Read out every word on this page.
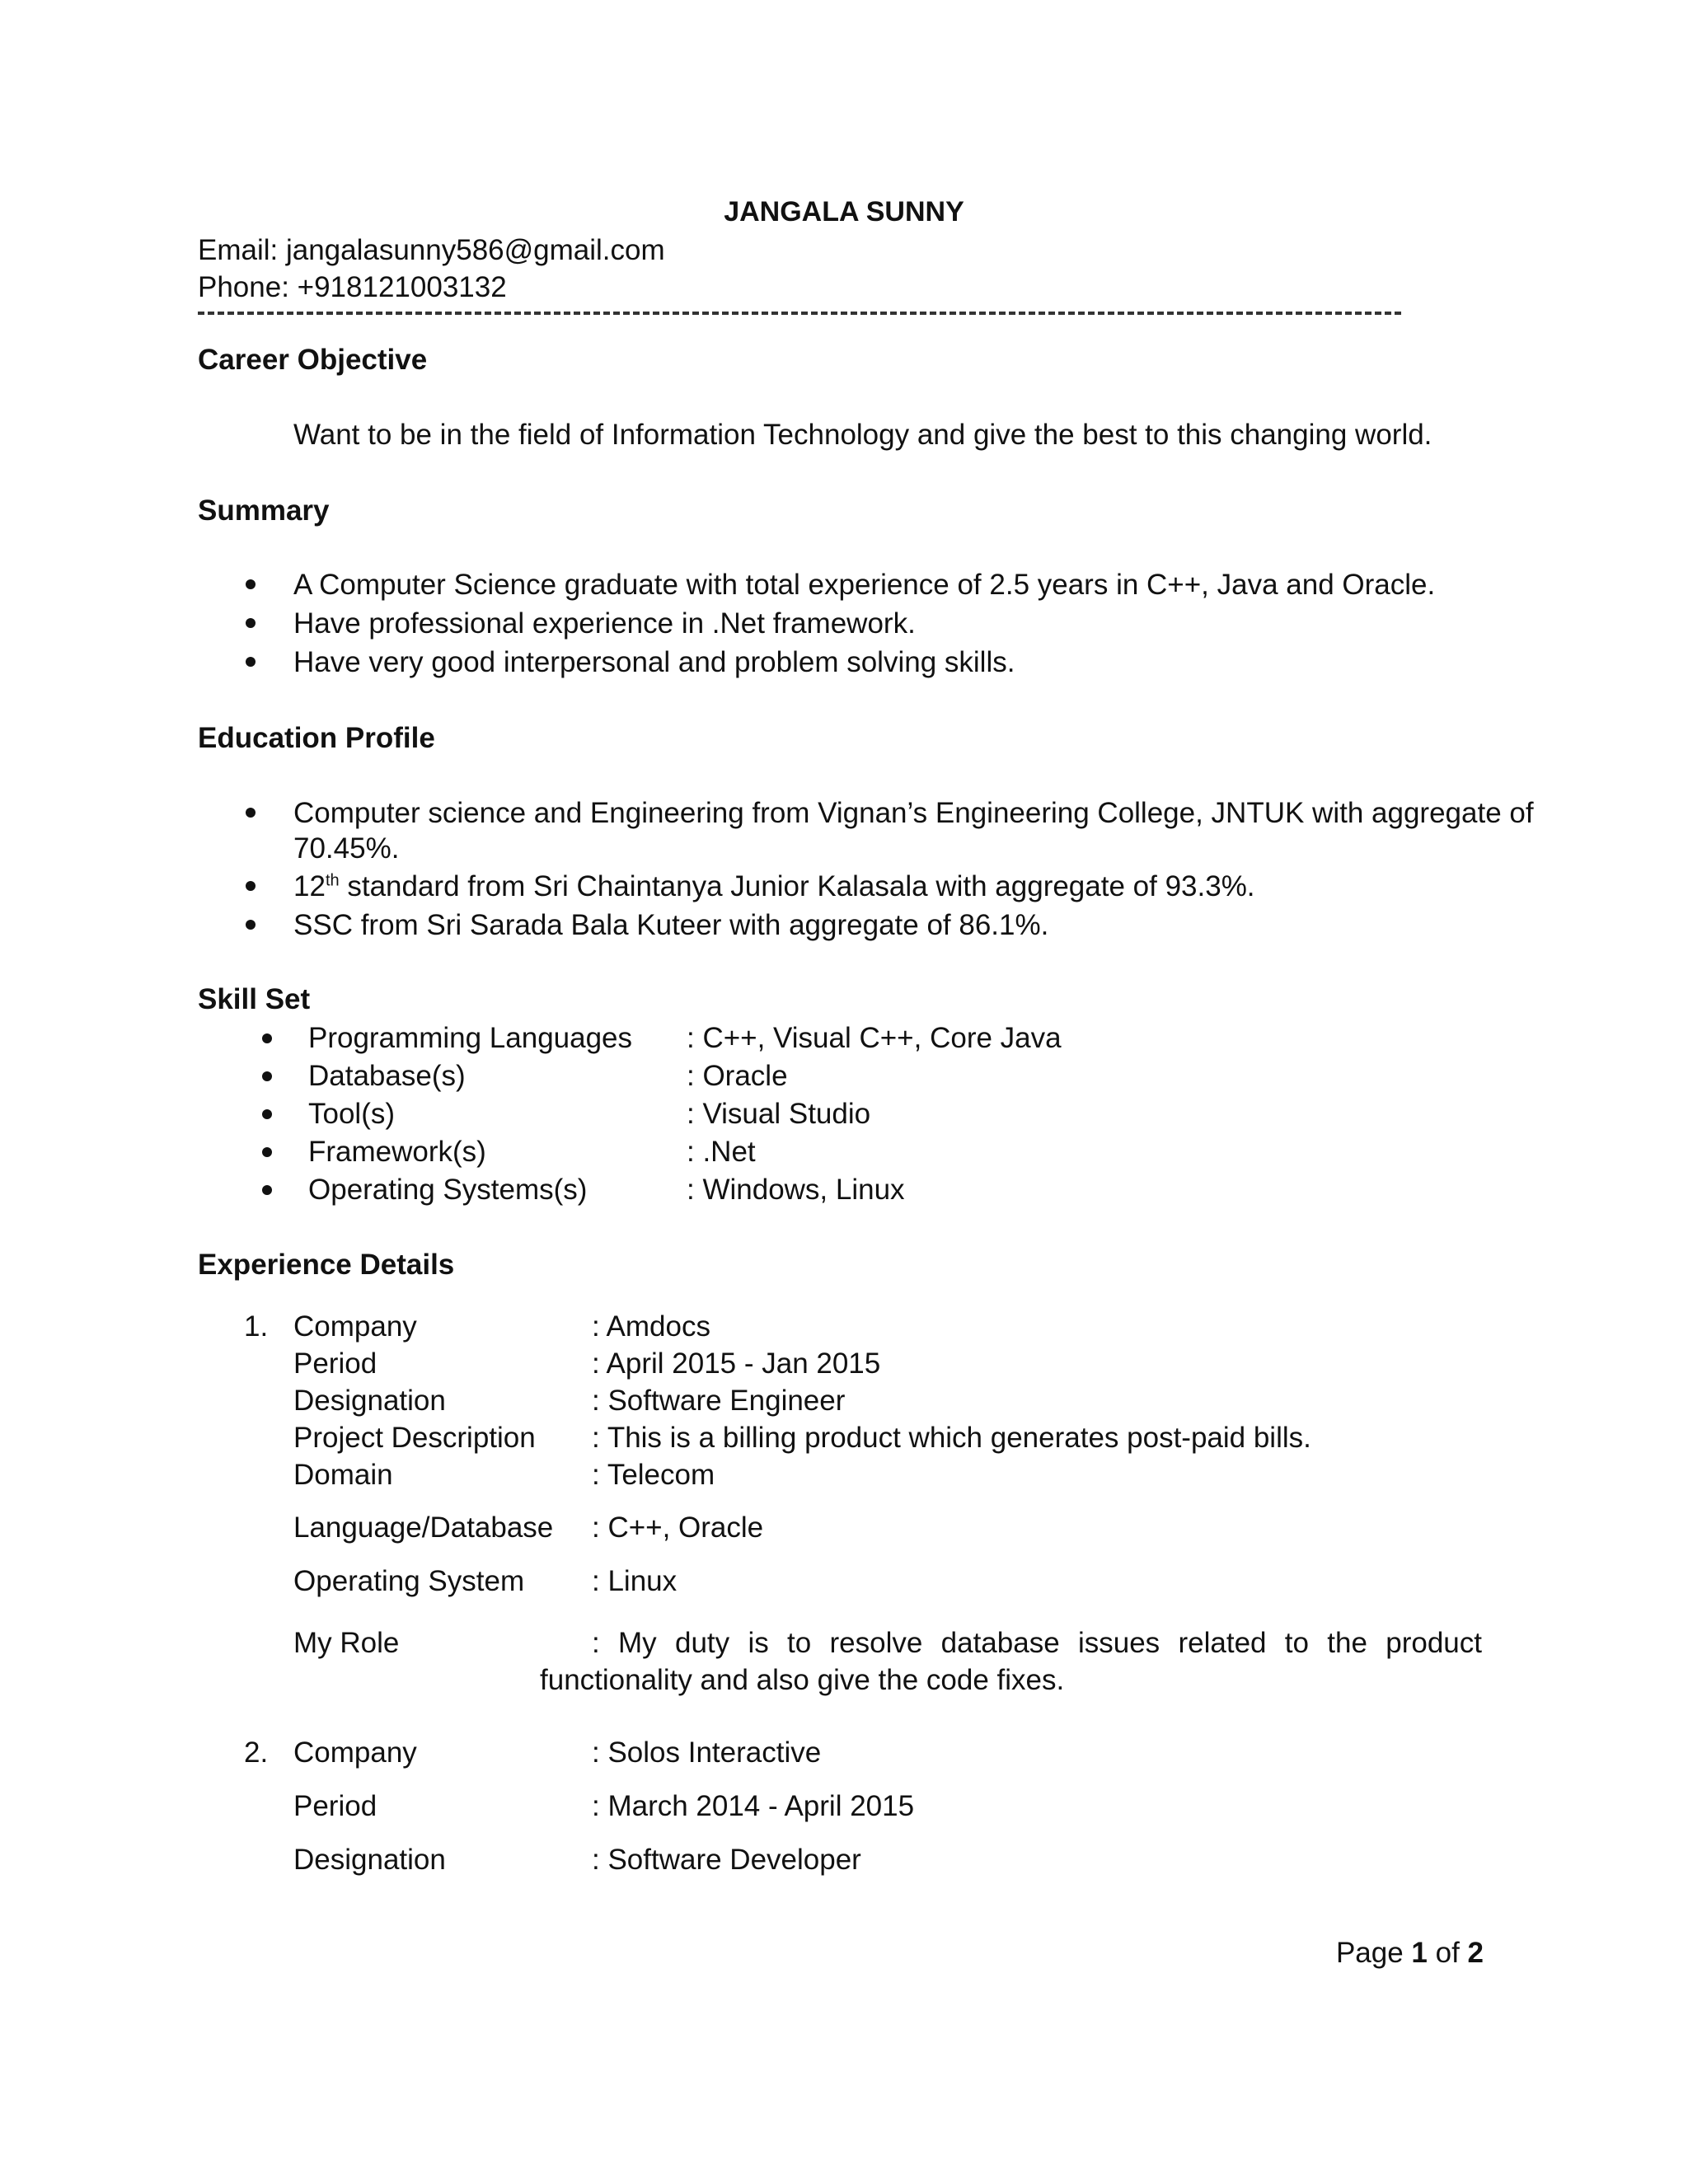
JANGALA SUNNY
Email: jangalasunny586@gmail.com
Phone: +918121003132
Career Objective
Want to be in the field of Information Technology and give the best to this changing world.
Summary
A Computer Science graduate with total experience of 2.5 years in C++, Java and Oracle.
Have professional experience in .Net framework.
Have very good interpersonal and problem solving skills.
Education Profile
Computer science and Engineering from Vignan’s Engineering College, JNTUK with aggregate of
70.45%.
12th standard from Sri Chaintanya Junior Kalasala with aggregate of 93.3%.
SSC from Sri Sarada Bala Kuteer with aggregate of 86.1%.
Skill Set
Programming Languages : C++, Visual C++, Core Java
Database(s)	: Oracle
Tool(s)	: Visual Studio
Framework(s)	: .Net
Operating Systems(s)	: Windows, Linux
Experience Details
1. Company	: Amdocs
Period	: April 2015 - Jan 2015
Designation	: Software Engineer
Project Description : This is a billing product which generates post-paid bills.
Domain	: Telecom
Language/Database : C++, Oracle
Operating System : Linux
My Role	: My duty is to resolve database issues related to the product
functionality and also give the code fixes.
2. Company	: Solos Interactive
Period	: March 2014 - April 2015
Designation	: Software Developer
Page 1 of 2
